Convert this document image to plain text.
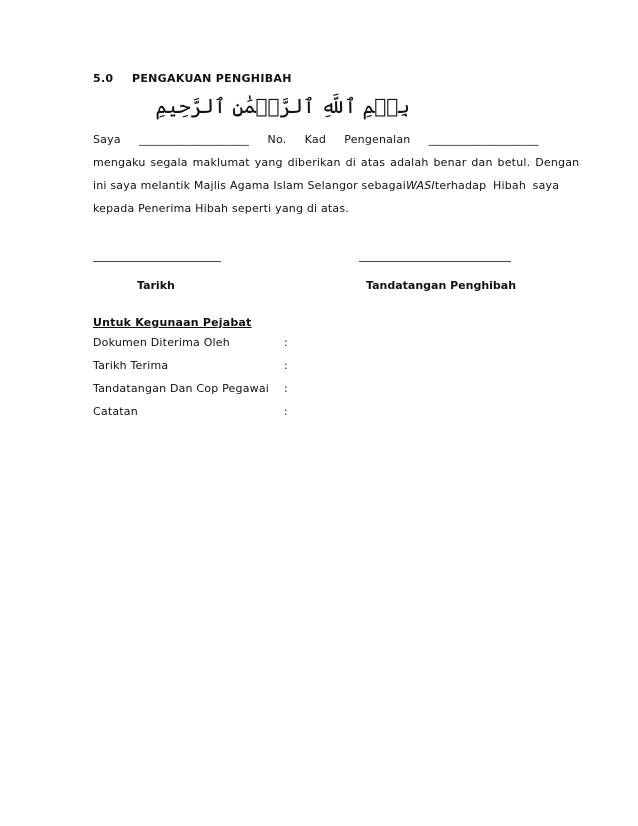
5.0 PENGAKUAN PENGHIBAH
بِسۡمِ ٱللَّهِ ٱلرَّحۡمَٰنِ ٱلرَّحِيمِ
Saya ___________________ No. Kad Pengenalan ___________________
mengaku segala maklumat yang diberikan di atas adalah benar dan betul. Dengan
ini saya melantik Majlis Agama Islam Selangor sebagai WASI terhadap Hibah saya
kepada Penerima Hibah seperti yang di atas.
Tarikh	Tandatangan Penghibah
Untuk Kegunaan Pejabat
Dokumen Diterima Oleh	:
Tarikh Terima	:
Tandatangan Dan Cop Pegawai :
Catatan	:
